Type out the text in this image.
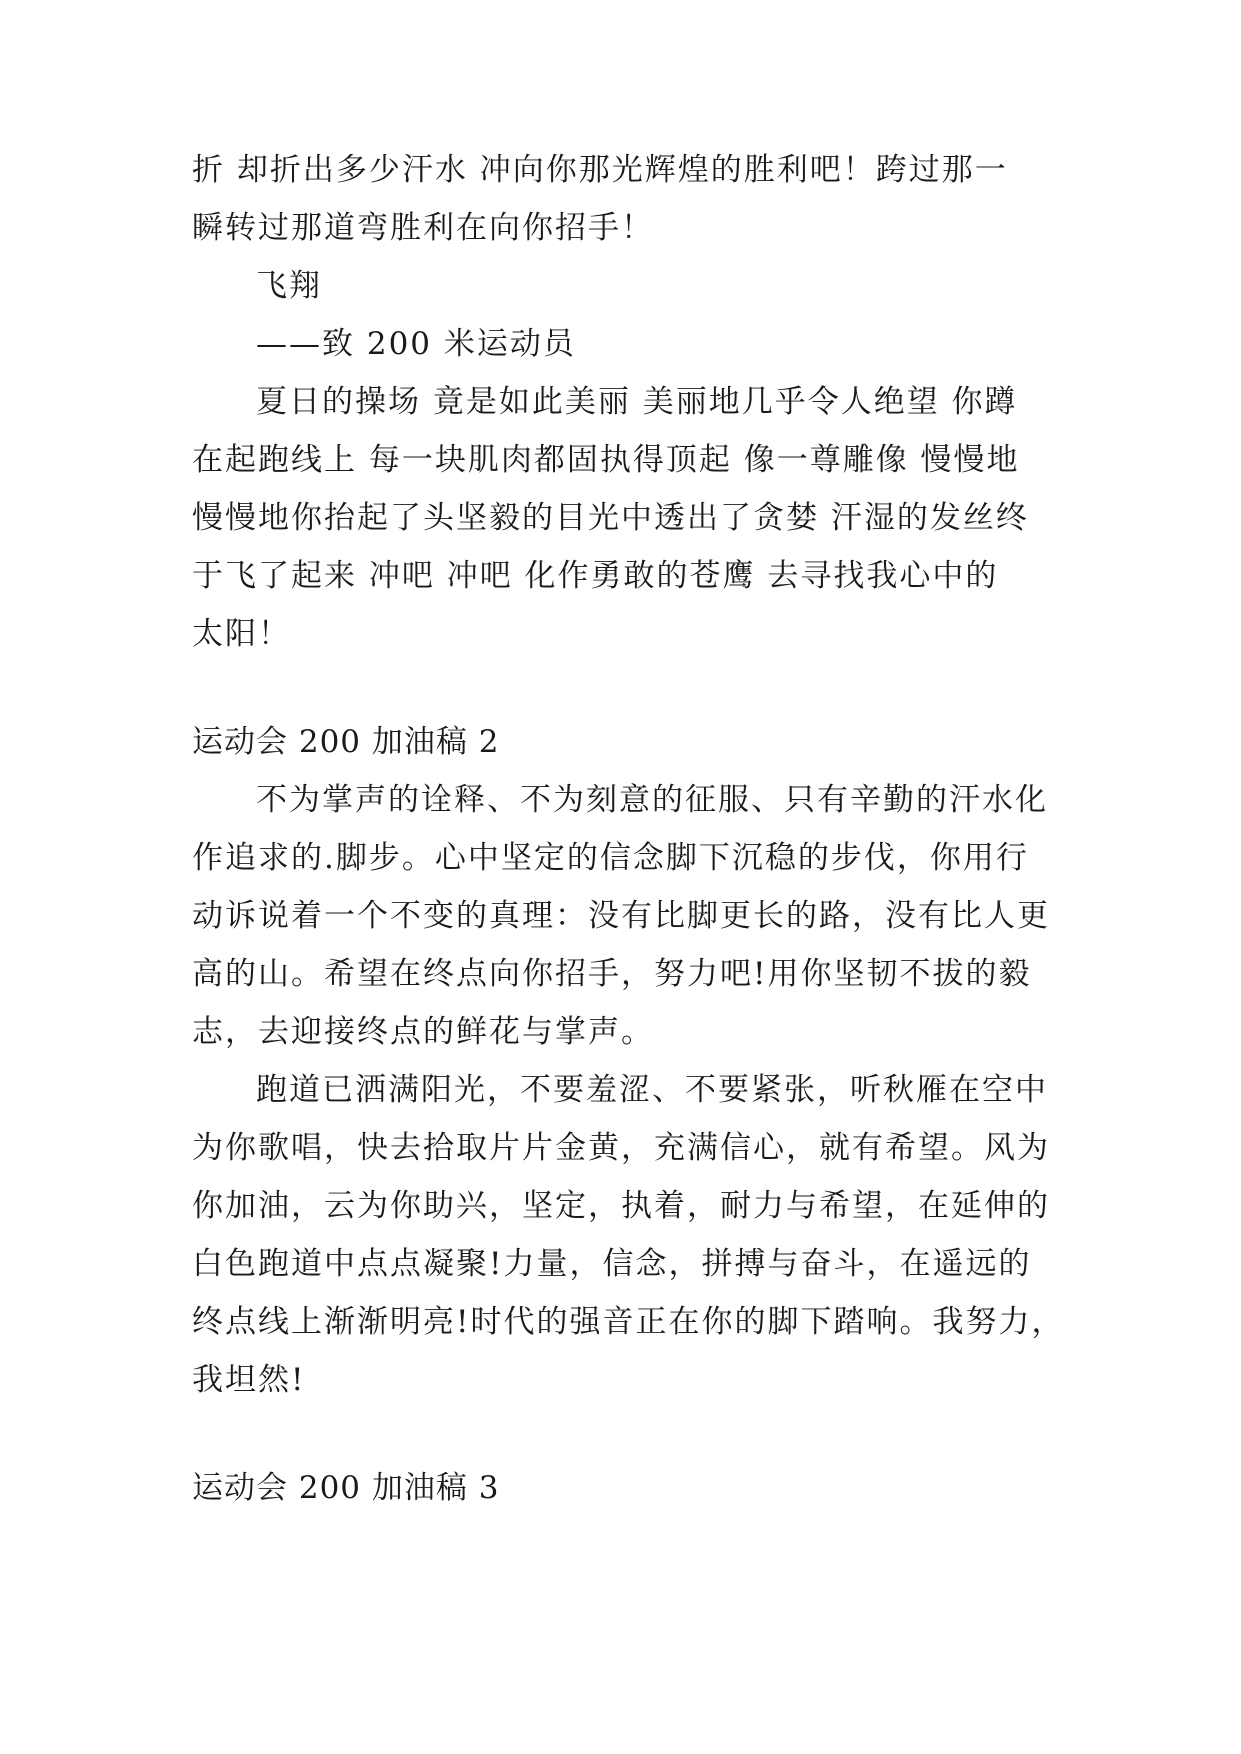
折 却折出多少汗水 冲向你那光辉煌的胜利吧！跨过那一
瞬转过那道弯胜利在向你招手！
飞翔
——致 200 米运动员
夏日的操场 竟是如此美丽 美丽地几乎令人绝望 你蹲
在起跑线上 每一块肌肉都固执得顶起 像一尊雕像 慢慢地
慢慢地你抬起了头坚毅的目光中透出了贪婪 汗湿的发丝终
于飞了起来 冲吧 冲吧 化作勇敢的苍鹰 去寻找我心中的
太阳！
运动会 200 加油稿 2
不为掌声的诠释、不为刻意的征服、只有辛勤的汗水化
作追求的.脚步。心中坚定的信念脚下沉稳的步伐，你用行
动诉说着一个不变的真理：没有比脚更长的路，没有比人更
高的山。希望在终点向你招手，努力吧!用你坚韧不拔的毅
志，去迎接终点的鲜花与掌声。
跑道已洒满阳光，不要羞涩、不要紧张，听秋雁在空中
为你歌唱，快去拾取片片金黄，充满信心，就有希望。风为
你加油，云为你助兴，坚定，执着，耐力与希望，在延伸的
白色跑道中点点凝聚!力量，信念，拼搏与奋斗，在遥远的
终点线上渐渐明亮!时代的强音正在你的脚下踏响。我努力，
我坦然!
运动会 200 加油稿 3
